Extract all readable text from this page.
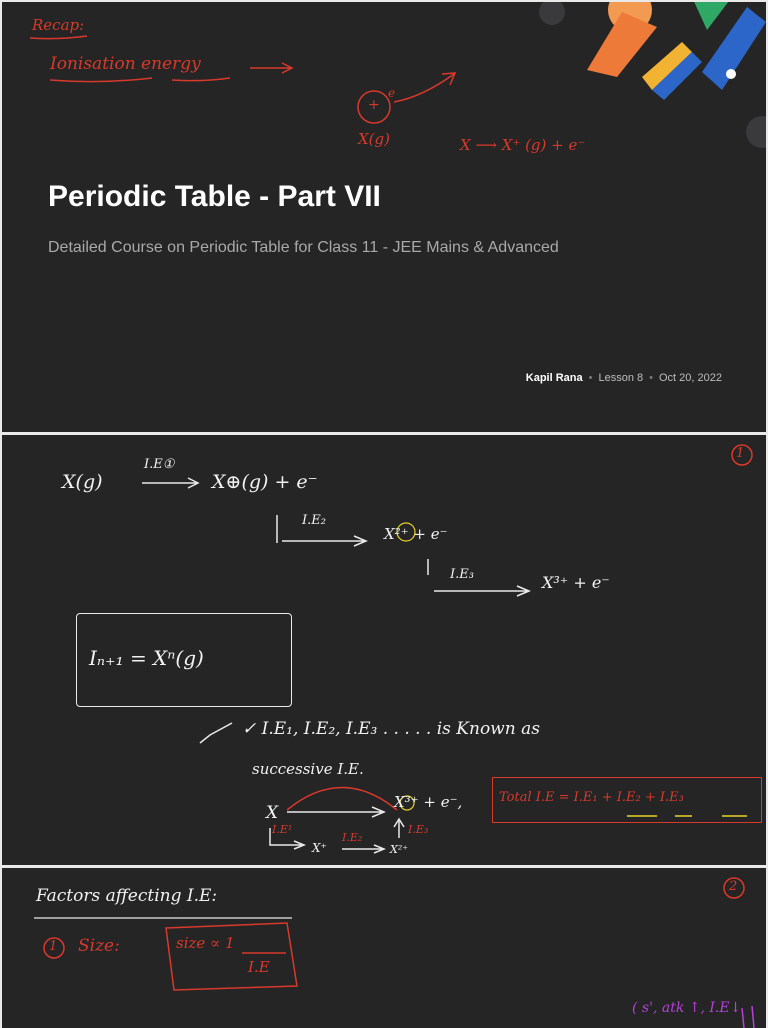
Recap:
Ionisation energy
+
e
X(g)	X ⟶ X⁺ (g) + e⁻
Periodic Table - Part VII
Detailed Course on Periodic Table for Class 11 - JEE Mains & Advanced
Kapil Rana • Lesson 8 • Oct 20, 2022
1
X(g)
I.E①
X⊕(g) + e⁻
I.E₂
X²⁺ + e⁻
I.E₃	X³⁺ + e⁻
Iₙ₊₁ = Xⁿ(g)
✓ I.E₁, I.E₂, I.E₃ . . . . . is Known as
successive I.E.
X
X³⁺ + e⁻,	Total I.E = I.E₁ + I.E₂ + I.E₃
I.E¹
X⁺
I.E₂
X²⁺
I.E₃
2
Factors affecting I.E:
1 Size:	size ∝ 1
I.E
( s', atk ↑, I.E↓
